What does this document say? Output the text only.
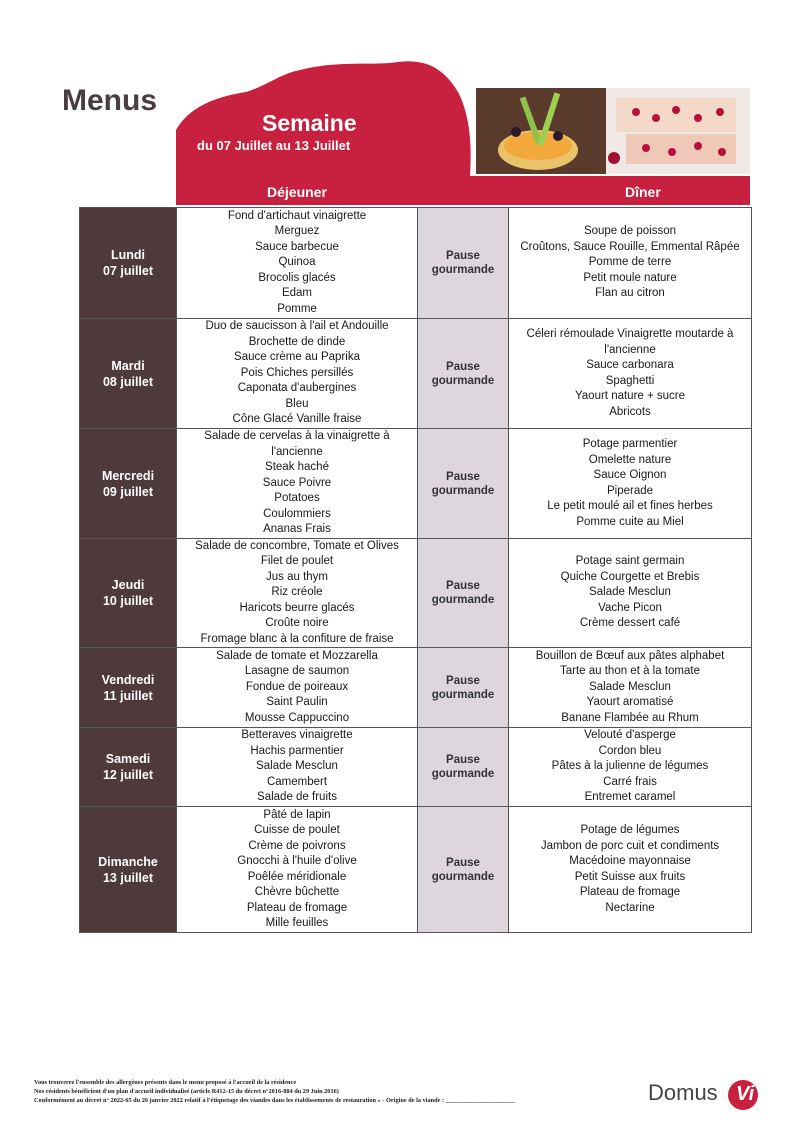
Menus
Semaine
du 07 Juillet au 13 Juillet
Déjeuner	Dîner
Lundi
07 juillet
Fond d'artichaut vinaigrette
Merguez
Sauce barbecue
Quinoa
Brocolis glacés
Edam
Pomme
Pause
gourmande
Soupe de poisson
Croûtons, Sauce Rouille, Emmental Râpée
Pomme de terre
Petit moule nature
Flan au citron
Mardi
08 juillet
Duo de saucisson à l'ail et Andouille
Brochette de dinde
Sauce crème au Paprika
Pois Chiches persillés
Caponata d'aubergines
Bleu
Cône Glacé Vanille fraise
Pause
gourmande
Céleri rémoulade Vinaigrette moutarde à
l'ancienne
Sauce carbonara
Spaghetti
Yaourt nature + sucre
Abricots
Mercredi
09 juillet
Salade de cervelas à la vinaigrette à
l'ancienne
Steak haché
Sauce Poivre
Potatoes
Coulommiers
Ananas Frais
Pause
gourmande
Potage parmentier
Omelette nature
Sauce Oignon
Piperade
Le petit moulé ail et fines herbes
Pomme cuite au Miel
Jeudi
10 juillet
Salade de concombre, Tomate et Olives
Filet de poulet
Jus au thym
Riz créole
Haricots beurre glacés
Croûte noire
Fromage blanc à la confiture de fraise
Pause
gourmande
Potage saint germain
Quiche Courgette et Brebis
Salade Mesclun
Vache Picon
Crème dessert café
Vendredi
11 juillet
Salade de tomate et Mozzarella
Lasagne de saumon
Fondue de poireaux
Saint Paulin
Mousse Cappuccino
Pause
gourmande
Bouillon de Bœuf aux pâtes alphabet
Tarte au thon et à la tomate
Salade Mesclun
Yaourt aromatisé
Banane Flambée au Rhum
Samedi
12 juillet
Betteraves vinaigrette
Hachis parmentier
Salade Mesclun
Camembert
Salade de fruits
Pause
gourmande
Velouté d'asperge
Cordon bleu
Pâtes à la julienne de légumes
Carré frais
Entremet caramel
Dimanche
13 juillet
Pâté de lapin
Cuisse de poulet
Crème de poivrons
Gnocchi à l'huile d'olive
Poêlée méridionale
Chèvre bûchette
Plateau de fromage
Mille feuilles
Pause
gourmande
Potage de légumes
Jambon de porc cuit et condiments
Macédoine mayonnaise
Petit Suisse aux fruits
Plateau de fromage
Nectarine
Vous trouverez l'ensemble des allergènes présents dans le menu proposé à l'accueil de la résidence
Nos résidents bénéficient d'un plan d'accueil individualisé (article R412-15 du décret n°2016-884 du 29 Juin 2016)
Conformément au décret n° 2022-65 du 26 janvier 2022 relatif à l'étiquetage des viandes dans les établissements de restauration » - Origine de la viande : ______________________	Domus Vi
